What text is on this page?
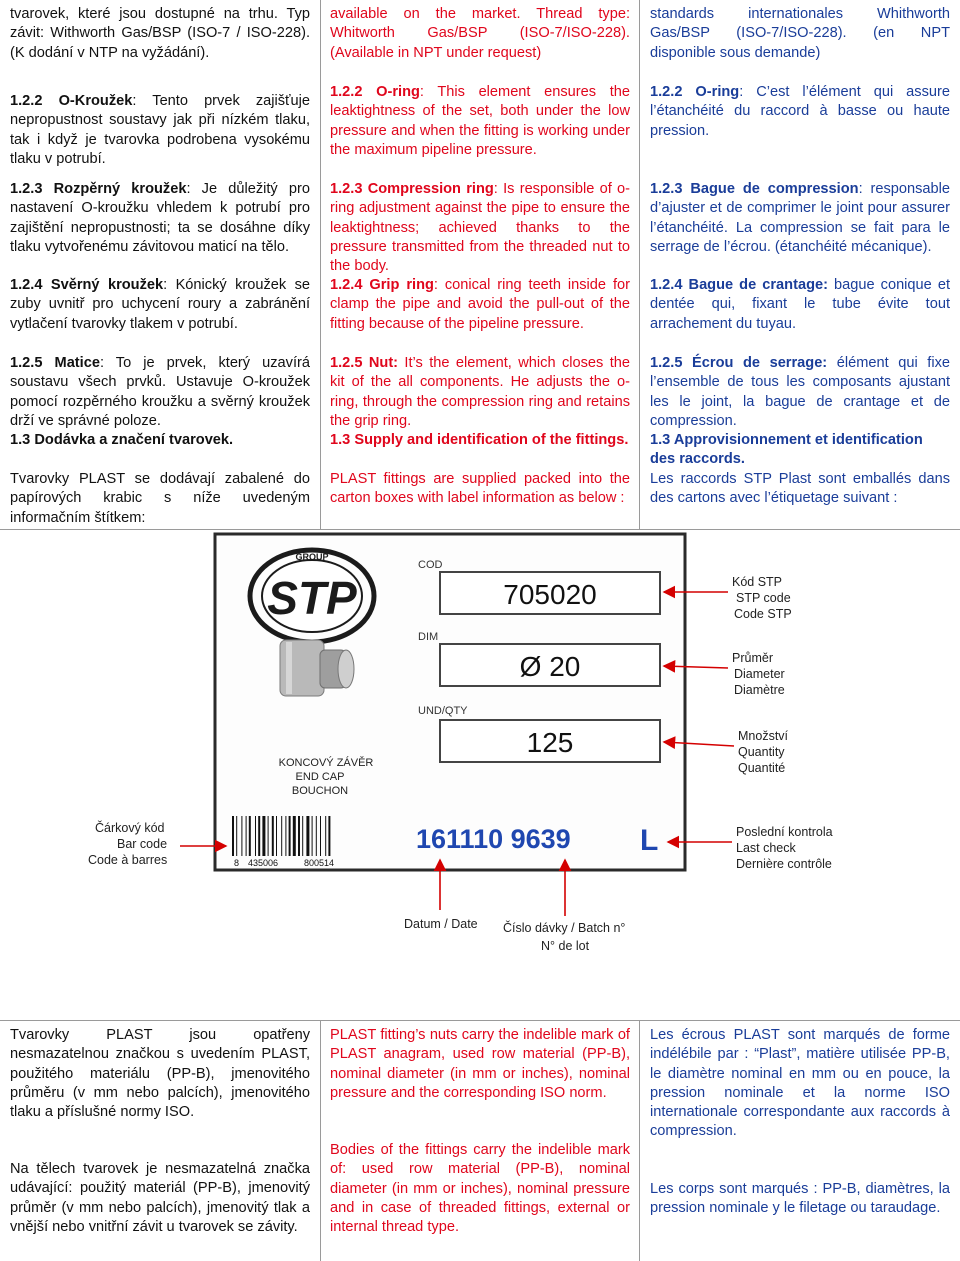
tvarovek, které jsou dostupné na trhu. Typ závit: Withworth Gas/BSP (ISO-7 / ISO-228). (K dodání v NTP na vyžádání).

1.2.2 O-Kroužek: Tento prvek zajišťuje nepropustnost soustavy jak při nízkém tlaku, tak i když je tvarovka podrobena vysokému tlaku v potrubí.

1.2.3 Rozpěrný kroužek: Je důležitý pro nastavení O-kroužku vhledem k potrubí pro zajištění nepropustnosti; ta se dosáhne díky tlaku vytvořenému závitovou maticí na tělo.

1.2.4 Svěrný kroužek: Kónický kroužek se zuby uvnitř pro uchycení roury a zabránění vytlačení tvarovky tlakem v potrubí.

1.2.5 Matice: To je prvek, který uzavírá soustavu všech prvků. Ustavuje O-kroužek pomocí rozpěrného kroužku a svěrný kroužek drží ve správné poloze.

1.3 Dodávka a značení tvarovek.

Tvarovky PLAST se dodávají zabalené do papírových krabic s níže uvedeným informačním štítkem:

available on the market. Thread type: Whitworth Gas/BSP (ISO-7/ISO-228). (Available in NPT under request)

1.2.2 O-ring: This element ensures the leaktightness of the set, both under the low pressure and when the fitting is working under the maximum pipeline pressure.

1.2.3 Compression ring: Is responsible of o-ring adjustment against the pipe to ensure the leaktightness; achieved thanks to the pressure transmitted from the threaded nut to the body.

1.2.4 Grip ring: conical ring teeth inside for clamp the pipe and avoid the pull-out of the fitting because of the pipeline pressure.

1.2.5 Nut: It’s the element, which closes the kit of the all components. He adjusts the o-ring, through the compression ring and retains the grip ring.

1.3 Supply and identification of the fittings.

PLAST fittings are supplied packed into the carton boxes with label information as below :

standards internationales Whithworth Gas/BSP (ISO-7/ISO-228). (en NPT disponible sous demande)

1.2.2 O-ring: C’est l’élément qui assure l’étanchéité du raccord à basse ou haute pression.

1.2.3 Bague de compression: responsable d’ajuster et de comprimer le joint pour assurer l’étanchéité. La compression se fait para le serrage de l’écrou. (étanchéité mécanique).

1.2.4 Bague de crantage: bague conique et dentée qui, fixant le tube évite tout arrachement du tuyau.

1.2.5 Écrou de serrage: élément qui fixe l’ensemble de tous les composants ajustant les le joint, la bague de crantage et de compression.

1.3 Approvisionnement et identification des raccords.

Les raccords STP Plast sont emballés dans des cartons avec l’étiquetage suivant :

GROUP
STP
COD
705020
DIM
Ø 20
UND/QTY
125
KONCOVÝ ZÁVĚR
END CAP
BOUCHON
8 435006	800514
161110 9639 L
Kód STP
STP code
Code STP
Průměr
Diameter
Diamètre
Množství
Quantity
Quantité
Poslední kontrola
Last check
Dernière contrôle
Čárkový kód
Bar code
Code à barres
Datum / Date Číslo dávky / Batch n°
N° de lot

Tvarovky PLAST jsou opatřeny nesmazatelnou značkou s uvedením PLAST, použitého materiálu (PP-B), jmenovitého průměru (v mm nebo palcích), jmenovitého tlaku a příslušné normy ISO.

Na tělech tvarovek je nesmazatelná značka udávající: použitý materiál (PP-B), jmenovitý průměr (v mm nebo palcích), jmenovitý tlak a vnější nebo vnitřní závit u tvarovek se závity.

PLAST fitting’s nuts carry the indelible mark of PLAST anagram, used row material (PP-B), nominal diameter (in mm or inches), nominal pressure and the corresponding ISO norm.

Bodies of the fittings carry the indelible mark of: used row material (PP-B), nominal diameter (in mm or inches), nominal pressure and in case of threaded fittings, external or internal thread type.

Les écrous PLAST sont marqués de forme indélébile par : “Plast”, matière utilisée PP-B, le diamètre nominal en mm ou en pouce, la pression nominale et la norme ISO internationale correspondante aux raccords à compression.

Les corps sont marqués : PP-B, diamètres, la pression nominale y le filetage ou taraudage.
